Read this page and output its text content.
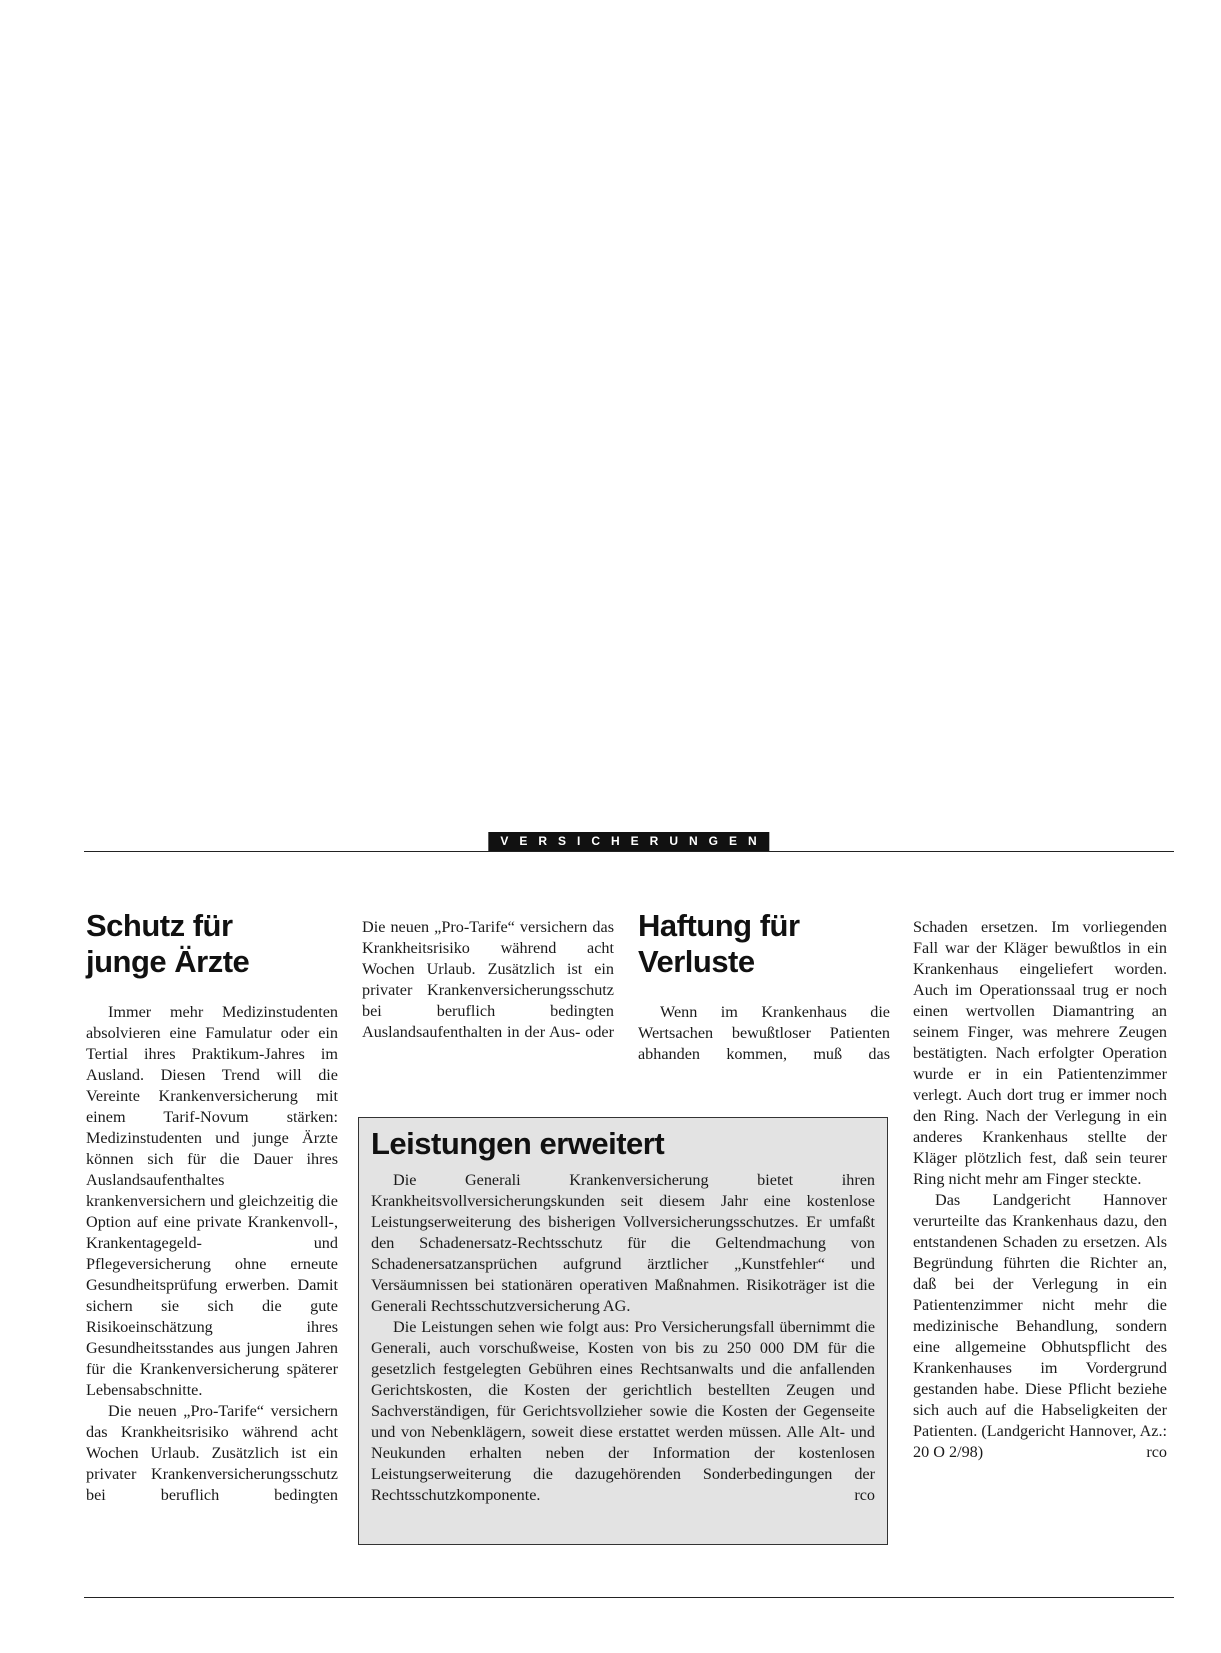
VERSICHERUNGEN
Schutz für
junge Ärzte

Immer mehr Medizinstudenten absolvieren eine Famulatur oder ein Tertial ihres Praktikum-Jahres im Ausland. Diesen Trend will die Vereinte Krankenversicherung mit einem Tarif-Novum stärken: Medizinstudenten und junge Ärzte können sich für die Dauer ihres Auslandsaufenthaltes krankenversichern und gleichzeitig die Option auf eine private Krankenvoll-, Krankentagegeld- und Pflegeversicherung ohne erneute Gesundheitsprüfung erwerben. Damit sichern sie sich die gute Risikoeinschätzung ihres Gesundheitsstandes aus jungen Jahren für die Krankenversicherung späterer Lebensabschnitte.

Die neuen „Pro-Tarife“ versichern das Krankheitsrisiko während acht Wochen Urlaub. Zusätzlich ist ein privater Krankenversicherungsschutz bei beruflich bedingten

Die neuen „Pro-Tarife“ versichern das Krankheitsrisiko während acht Wochen Urlaub. Zusätzlich ist ein privater Krankenversicherungsschutz bei beruflich bedingten Auslandsaufenthalten in der Aus- oder

Haftung für
Verluste

Wenn im Krankenhaus die Wertsachen bewußtloser Patienten abhanden kommen, muß das

Schaden ersetzen. Im vorliegenden Fall war der Kläger bewußtlos in ein Krankenhaus eingeliefert worden. Auch im Operationssaal trug er noch einen wertvollen Diamantring an seinem Finger, was mehrere Zeugen bestätigten. Nach erfolgter Operation wurde er in ein Patientenzimmer verlegt. Auch dort trug er immer noch den Ring. Nach der Verlegung in ein anderes Krankenhaus stellte der Kläger plötzlich fest, daß sein teurer Ring nicht mehr am Finger steckte.

Das Landgericht Hannover verurteilte das Krankenhaus dazu, den entstandenen Schaden zu ersetzen. Als Begründung führten die Richter an, daß bei der Verlegung in ein Patientenzimmer nicht mehr die medizinische Behandlung, sondern eine allgemeine Obhutspflicht des Krankenhauses im Vordergrund gestanden habe. Diese Pflicht beziehe sich auch auf die Habseligkeiten der Patienten. (Landgericht Hannover, Az.: 20 O 2/98)	rco

Leistungen erweitert

Die Generali Krankenversicherung bietet ihren Krankheitsvollversicherungskunden seit diesem Jahr eine kostenlose Leistungserweiterung des bisherigen Vollversicherungsschutzes. Er umfaßt den Schadenersatz-Rechtsschutz für die Geltendmachung von Schadenersatzansprüchen aufgrund ärztlicher „Kunstfehler“ und Versäumnissen bei stationären operativen Maßnahmen. Risikoträger ist die Generali Rechtsschutzversicherung AG.

Die Leistungen sehen wie folgt aus: Pro Versicherungsfall übernimmt die Generali, auch vorschußweise, Kosten von bis zu 250 000 DM für die gesetzlich festgelegten Gebühren eines Rechtsanwalts und die anfallenden Gerichtskosten, die Kosten der gerichtlich bestellten Zeugen und Sachverständigen, für Gerichtsvollzieher sowie die Kosten der Gegenseite und von Nebenklägern, soweit diese erstattet werden müssen. Alle Alt- und Neukunden erhalten neben der Information der kostenlosen Leistungserweiterung die dazugehörenden Sonderbedingungen der Rechtsschutzkomponente.	rco
